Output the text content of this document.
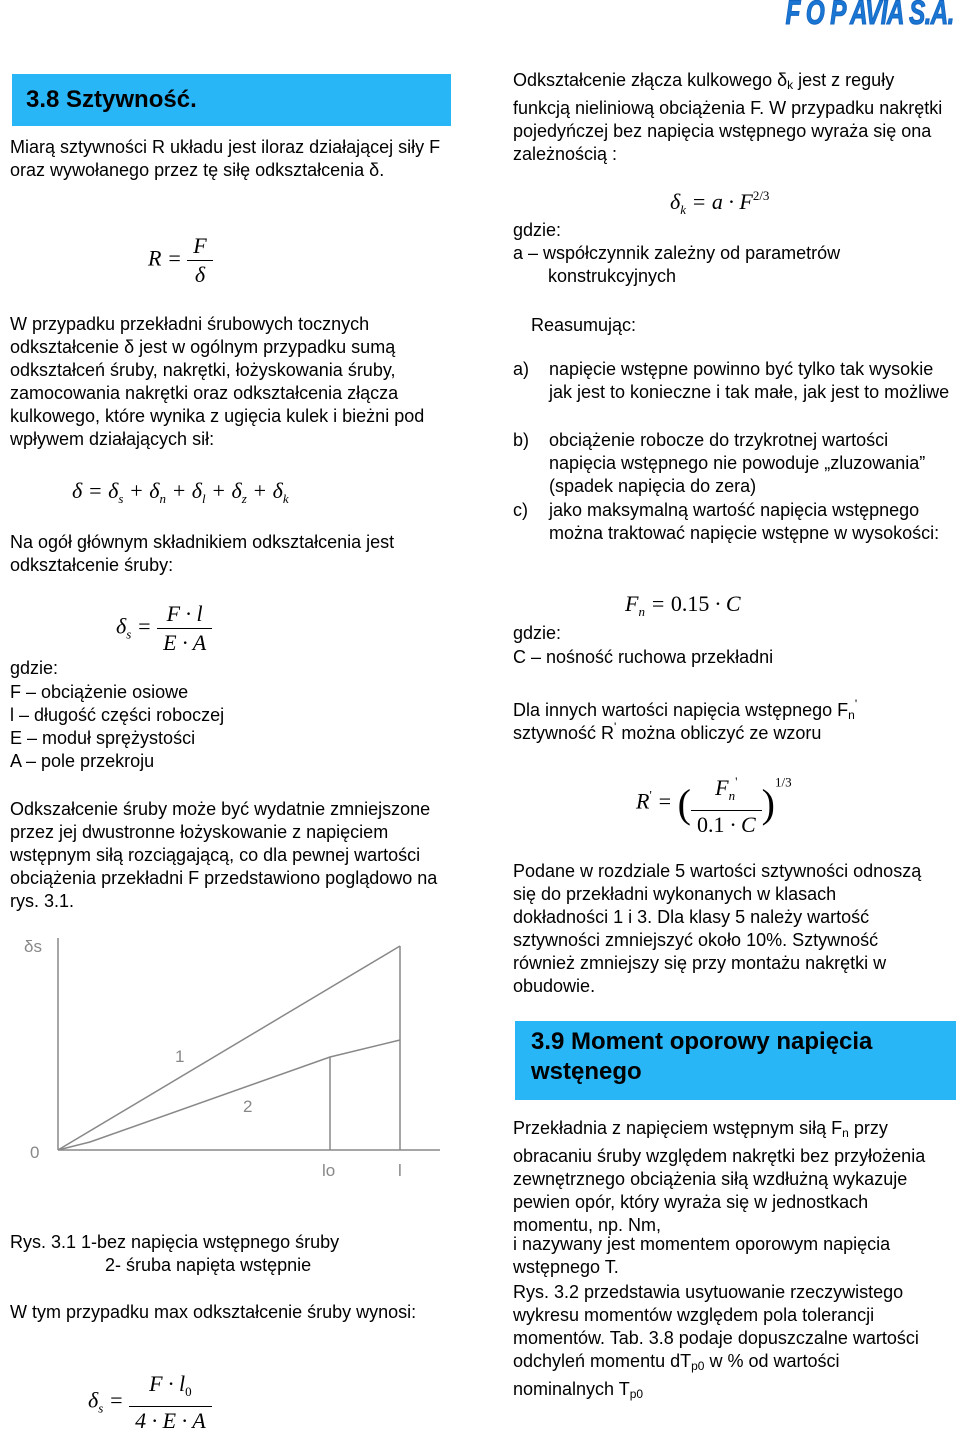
F O P AVIA S.A.
3.8 Sztywność.

Miarą sztywności R układu jest iloraz działającej siły F oraz wywołanego przez tę siłę odkształcenia δ.

$R = \frac{F}{\delta}$

W przypadku przekładni śrubowych tocznych odkształcenie δ jest w ogólnym przypadku sumą odkształceń śruby, nakrętki, łożyskowania śruby, zamocowania nakrętki oraz odkształcenia złącza kulkowego, które wynika z ugięcia kulek i bieżni pod wpływem działających sił:

$\delta = \delta_s + \delta_n + \delta_l + \delta_z + \delta_k$

Na ogół głównym składnikiem odkształcenia jest odkształcenie śruby:

$\delta_s = \frac{F \cdot l}{E \cdot A}$

gdzie:

F – obciążenie osiowe

l – długość części roboczej

E – moduł sprężystości

A – pole przekroju

Odkszałcenie śruby może być wydatnie zmniejszone przez jej dwustronne łożyskowanie z napięciem wstępnym siłą rozciągającą, co dla pewnej wartości obciążenia przekładni F przedstawiono poglądowo na rys. 3.1.

δs
0
1
2
lo	l

Rys. 3.1 1-bez napięcia wstępnego śruby

2- śruba napięta wstępnie

W tym przypadku max odkształcenie śruby wynosi:

$\delta_s = \frac{F \cdot l_0}{4 \cdot E \cdot A}$

Odkształcenie złącza kulkowego δk jest z reguły funkcją nieliniową obciążenia F. W przypadku nakrętki pojedyńczej bez napięcia wstępnego wyraża się ona zależnością :

$\delta_k = a \cdot F^{2/3}$

gdzie:

a – współczynnik zależny od parametrów

konstrukcyjnych

Reasumując:

a) napięcie wstępne powinno być tylko tak wysokie jak jest to konieczne i tak małe, jak jest to możliwe
b) obciążenie robocze do trzykrotnej wartości napięcia wstępnego nie powoduje „zluzowania” (spadek napięcia do zera)
c) jako maksymalną wartość napięcia wstępnego można traktować napięcie wstępne w wysokości:
$F_n = 0.15 \cdot C$

gdzie:

C – nośność ruchowa przekładni

Dla innych wartości napięcia wstępnego Fn'

sztywność R' można obliczyć ze wzoru

R' = ( $\frac{F_n'}{0.1 \cdot C} )^{1/3}$

Podane w rozdziale 5 wartości sztywności odnoszą się do przekładni wykonanych w klasach dokładności 1 i 3. Dla klasy 5 należy wartość sztywności zmniejszyć około 10%. Sztywność również zmniejszy się przy montażu nakrętki w obudowie.

3.9 Moment oporowy napięcia wstęnego

Przekładnia z napięciem wstępnym siłą Fn przy obracaniu śruby względem nakrętki bez przyłożenia zewnętrznego obciążenia siłą wzdłużną wykazuje pewien opór, który wyraża się w jednostkach momentu, np. Nm,

i nazywany jest momentem oporowym napięcia wstępnego T.

Rys. 3.2 przedstawia usytuowanie rzeczywistego wykresu momentów względem pola tolerancji momentów. Tab. 3.8 podaje dopuszczalne wartości odchyleń momentu dTp0 w % od wartości nominalnych Tp0
